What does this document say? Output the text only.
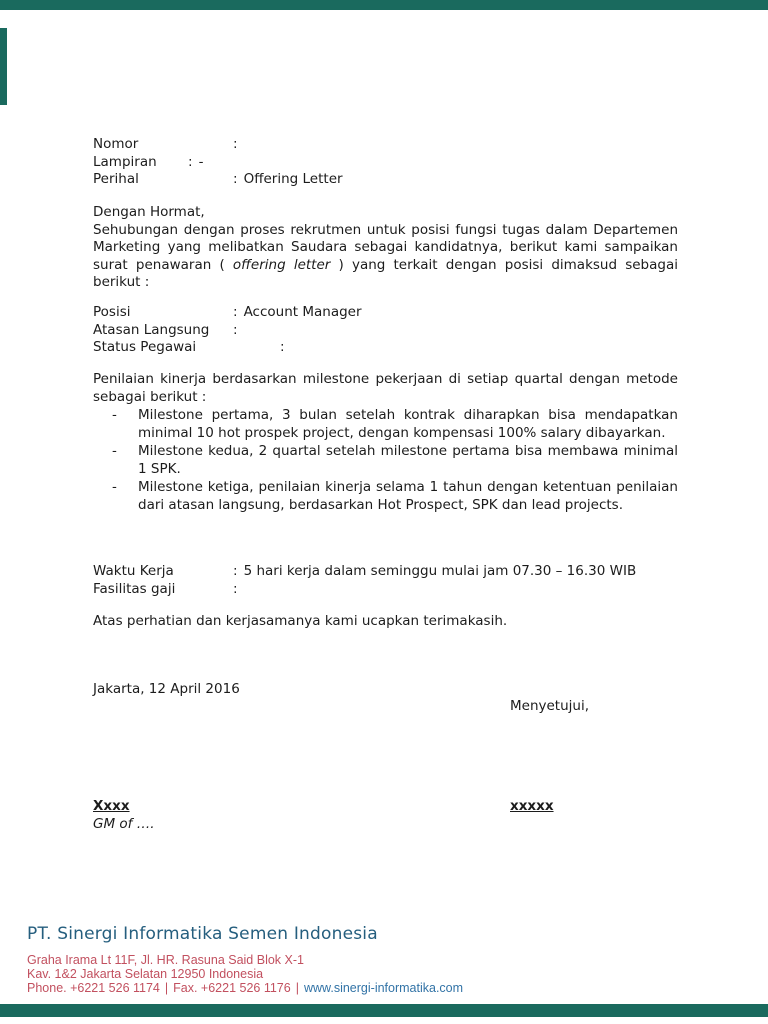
Nomor	:
Lampiran	: -
Perihal	: Offering Letter
Dengan Hormat,

Sehubungan dengan proses rekrutmen untuk posisi fungsi tugas dalam Departemen Marketing yang melibatkan Saudara sebagai kandidatnya, berikut kami sampaikan surat penawaran ( offering letter ) yang terkait dengan posisi dimaksud sebagai berikut :

Posisi	: Account Manager
Atasan Langsung	:
Status Pegawai	:

Penilaian kinerja berdasarkan milestone pekerjaan di setiap quartal dengan metode sebagai berikut :

- Milestone pertama, 3 bulan setelah kontrak diharapkan bisa mendapatkan minimal 10 hot prospek project, dengan kompensasi 100% salary dibayarkan.
- Milestone kedua, 2 quartal setelah milestone pertama bisa membawa minimal 1 SPK.
- Milestone ketiga, penilaian kinerja selama 1 tahun dengan ketentuan penilaian dari atasan langsung, berdasarkan Hot Prospect, SPK dan lead projects.
Waktu Kerja	: 5 hari kerja dalam seminggu mulai jam 07.30 – 16.30 WIB
Fasilitas gaji	:
Atas perhatian dan kerjasamanya kami ucapkan terimakasih.
Jakarta, 12 April 2016
Menyetujui,
Xxxx
GM of ….
xxxxx
PT. Sinergi Informatika Semen Indonesia
Graha Irama Lt 11F, Jl. HR. Rasuna Said Blok X-1
Kav. 1&2 Jakarta Selatan 12950 Indonesia
Phone. +6221 526 1174 | Fax. +6221 526 1176 | www.sinergi-informatika.com
